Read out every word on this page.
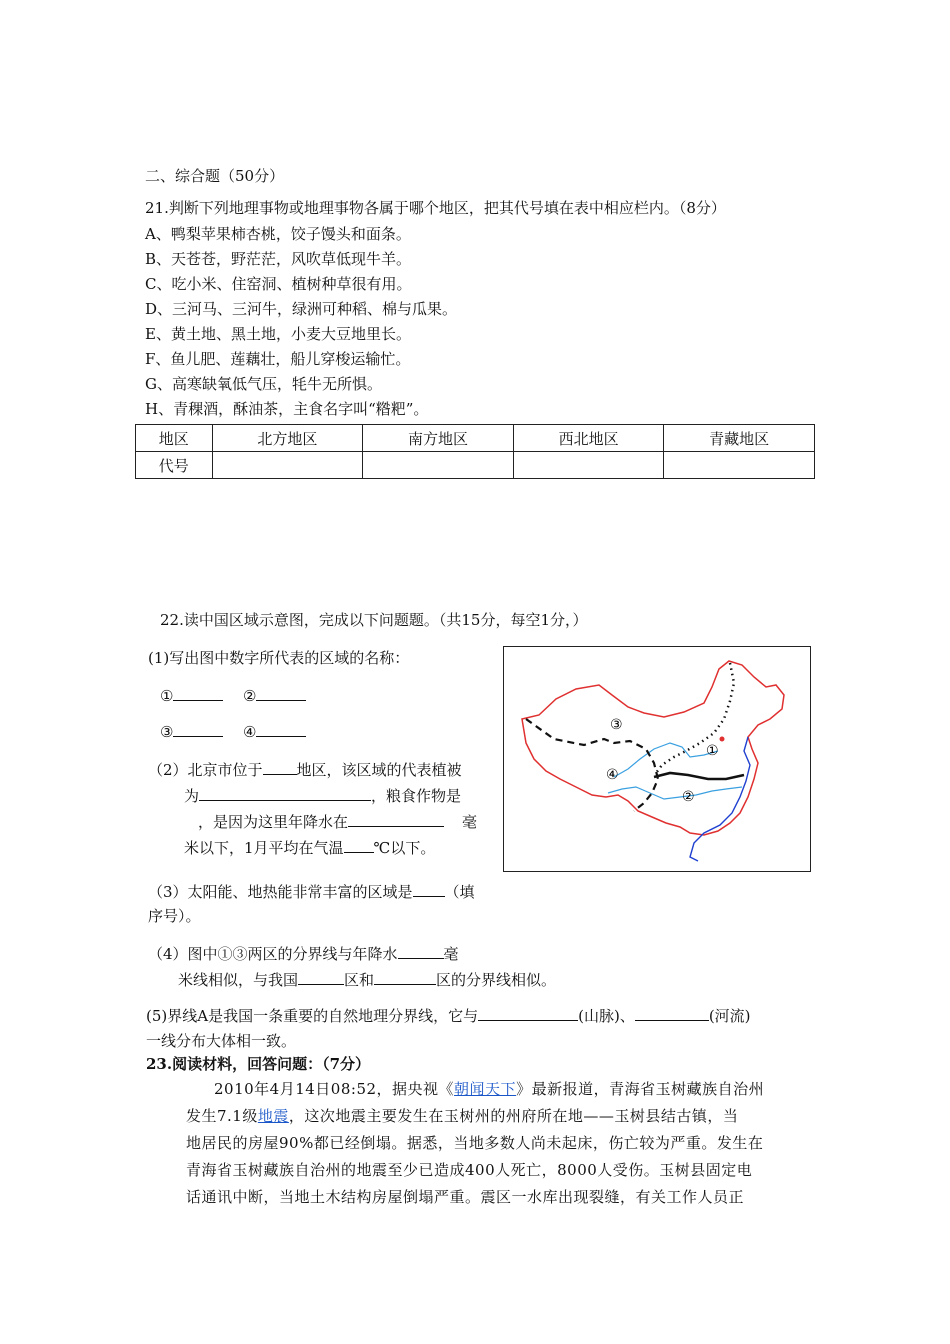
二、综合题（50分）
21.判断下列地理事物或地理事物各属于哪个地区，把其代号填在表中相应栏内。（8分）
A、鸭梨苹果柿杏桃，饺子馒头和面条。
B、天苍苍，野茫茫，风吹草低现牛羊。
C、吃小米、住窑洞、植树种草很有用。
D、三河马、三河牛，绿洲可种稻、棉与瓜果。
E、黄土地、黑土地，小麦大豆地里长。
F、鱼儿肥、莲藕壮，船儿穿梭运输忙。
G、高寒缺氧低气压，牦牛无所惧。
H、青稞酒，酥油茶，主食名字叫“糌粑”。
地区	北方地区	南方地区	西北地区	青藏地区
代号				
22.读中国区域示意图，完成以下问题题。（共15分，每空1分，）
(1)写出图中数字所代表的区域的名称：
①	②
③	④
（2）北京市位于 地区，该区域的代表植被
为	，粮食作物是
，是因为这里年降水在	毫
米以下，1月平均在气温 ℃以下。
（3）太阳能、地热能非常丰富的区域是 （填
序号）。
（4）图中①③两区的分界线与年降水	毫
米线相似，与我国	区和	区的分界线相似。
(5)界线A是我国一条重要的自然地理分界线，它与	(山脉)、	(河流)
一线分布大体相一致。
③
①
④
②
23.阅读材料，回答问题：（7分）
2010年4月14日08:52，据央视《朝闻天下》最新报道，青海省玉树藏族自治州
发生7.1级地震，这次地震主要发生在玉树州的州府所在地——玉树县结古镇，当
地居民的房屋90%都已经倒塌。据悉，当地多数人尚未起床，伤亡较为严重。发生在
青海省玉树藏族自治州的地震至少已造成400人死亡，8000人受伤。玉树县固定电
话通讯中断，当地土木结构房屋倒塌严重。震区一水库出现裂缝，有关工作人员正
